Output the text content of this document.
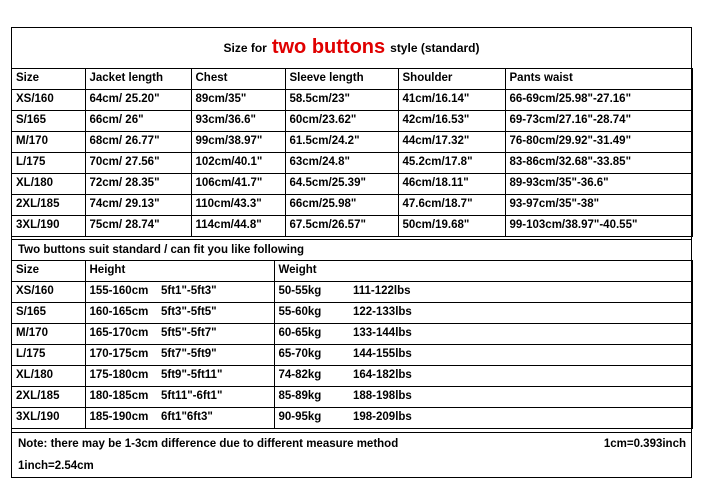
Size for two buttons style (standard)
Size	Jacket length	Chest	Sleeve length	Shoulder	Pants waist
XS/160	64cm/ 25.20"	89cm/35"	58.5cm/23"	41cm/16.14"	66-69cm/25.98"-27.16"
S/165	66cm/ 26"	93cm/36.6"	60cm/23.62"	42cm/16.53"	69-73cm/27.16"-28.74"
M/170	68cm/ 26.77"	99cm/38.97"	61.5cm/24.2"	44cm/17.32"	76-80cm/29.92"-31.49"
L/175	70cm/ 27.56"	102cm/40.1"	63cm/24.8"	45.2cm/17.8"	83-86cm/32.68"-33.85"
XL/180	72cm/ 28.35"	106cm/41.7"	64.5cm/25.39"	46cm/18.11"	89-93cm/35"-36.6"
2XL/185	74cm/ 29.13"	110cm/43.3"	66cm/25.98"	47.6cm/18.7"	93-97cm/35"-38"
3XL/190	75cm/ 28.74"	114cm/44.8"	67.5cm/26.57"	50cm/19.68"	99-103cm/38.97"-40.55"
Two buttons suit standard / can fit you like following
Size	Height		Weight	
XS/160	155-160cm	5ft1"-5ft3"	50-55kg	111-122lbs
S/165	160-165cm	5ft3"-5ft5"	55-60kg	122-133lbs
M/170	165-170cm	5ft5"-5ft7"	60-65kg	133-144lbs
L/175	170-175cm	5ft7"-5ft9"	65-70kg	144-155lbs
XL/180	175-180cm	5ft9"-5ft11"	74-82kg	164-182lbs
2XL/185	180-185cm	5ft11"-6ft1"	85-89kg	188-198lbs
3XL/190	185-190cm	6ft1"6ft3"	90-95kg	198-209lbs
Note: there may be 1-3cm difference due to different measure method	1cm=0.393inch
1inch=2.54cm
